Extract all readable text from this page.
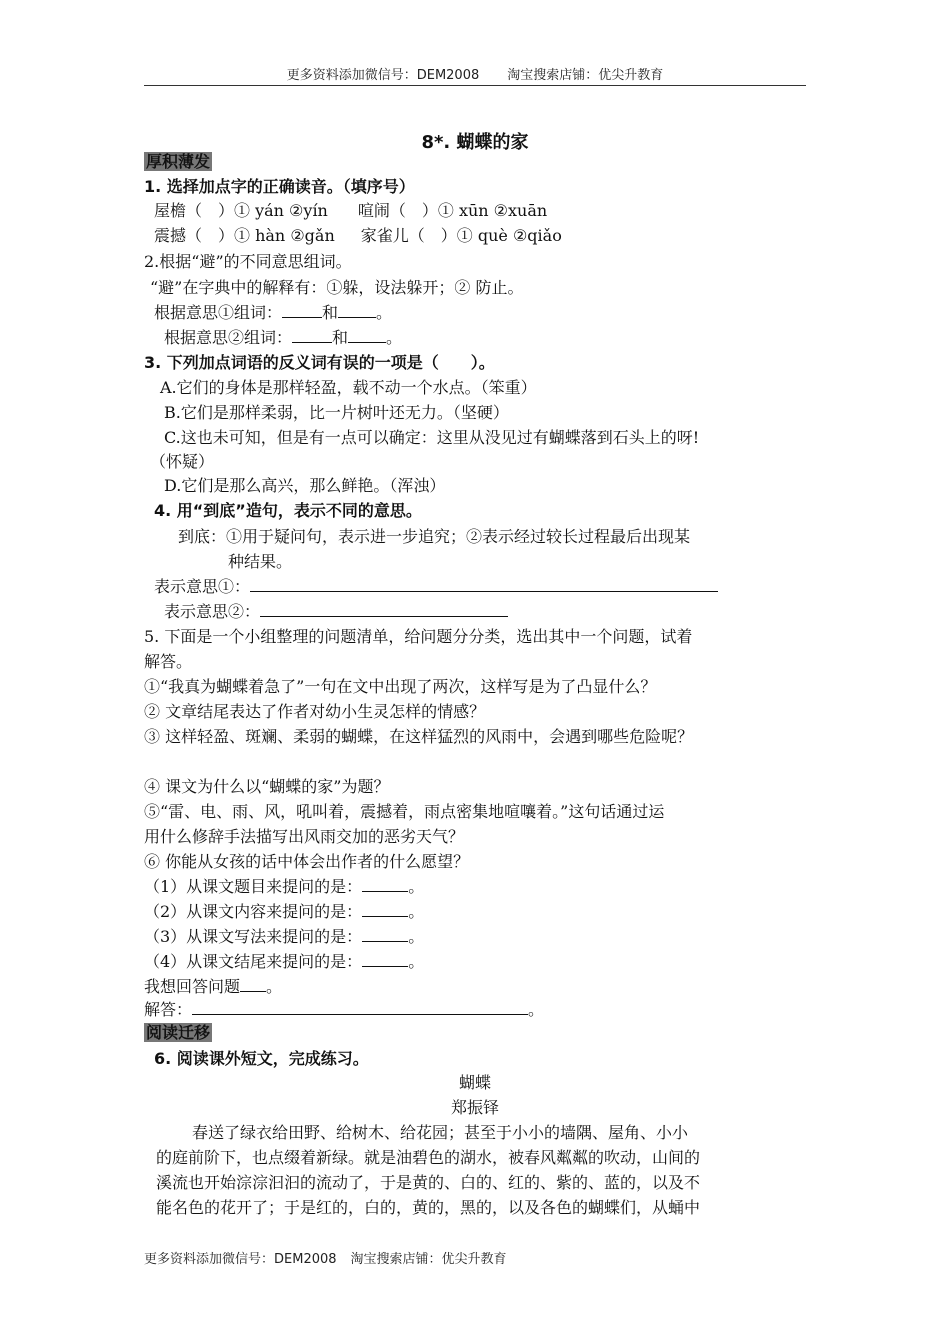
更多资料添加微信号：DEM2008 淘宝搜索店铺：优尖升教育
8*. 蝴蝶的家
厚积薄发
1. 选择加点字的正确读音。（填序号）
屋檐（　）① yán ②yín 喧闹（　）① xūn ②xuān
震撼（　）① hàn ②gǎn 家雀儿（　）① què ②qiǎo
2.根据“避”的不同意思组词。
“避”在字典中的解释有：①躲，设法躲开；② 防止。
根据意思①组词：	和 。
根据意思②组词：	和 。
3. 下列加点词语的反义词有误的一项是（　　）。
A.它们的身体是那样轻盈，载不动一个水点。（笨重）
B.它们是那样柔弱，比一片树叶还无力。（坚硬）
C.这也未可知，但是有一点可以确定：这里从没见过有蝴蝶落到石头上的呀!
（怀疑）
D.它们是那么高兴，那么鲜艳。（浑浊）
4. 用“到底”造句，表示不同的意思。
到底：①用于疑问句，表示进一步追究；②表示经过较长过程最后出现某
种结果。
表示意思①：
表示意思②：
5. 下面是一个小组整理的问题清单，给问题分分类，选出其中一个问题，试着
解答。
①“我真为蝴蝶着急了”一句在文中出现了两次，这样写是为了凸显什么？
② 文章结尾表达了作者对幼小生灵怎样的情感？
③ 这样轻盈、斑斓、柔弱的蝴蝶，在这样猛烈的风雨中，会遇到哪些危险呢？
④ 课文为什么以“蝴蝶的家”为题？
⑤“雷、电、雨、风，吼叫着，震撼着，雨点密集地喧嚷着。”这句话通过运
用什么修辞手法描写出风雨交加的恶劣天气？
⑥ 你能从女孩的话中体会出作者的什么愿望？
（1）从课文题目来提问的是：	。
（2）从课文内容来提问的是：	。
（3）从课文写法来提问的是：	。
（4）从课文结尾来提问的是：	。
我想回答问题 。
解答：	。
阅读迁移
6. 阅读课外短文，完成练习。
蝴蝶
郑振铎
春送了绿衣给田野、给树木、给花园；甚至于小小的墙隅、屋角、小小
的庭前阶下，也点缀着新绿。就是油碧色的湖水，被春风粼粼的吹动，山间的
溪流也开始淙淙汩汩的流动了，于是黄的、白的、红的、紫的、蓝的，以及不
能名色的花开了；于是红的，白的，黄的，黑的，以及各色的蝴蝶们，从蛹中
更多资料添加微信号：DEM2008 淘宝搜索店铺：优尖升教育
